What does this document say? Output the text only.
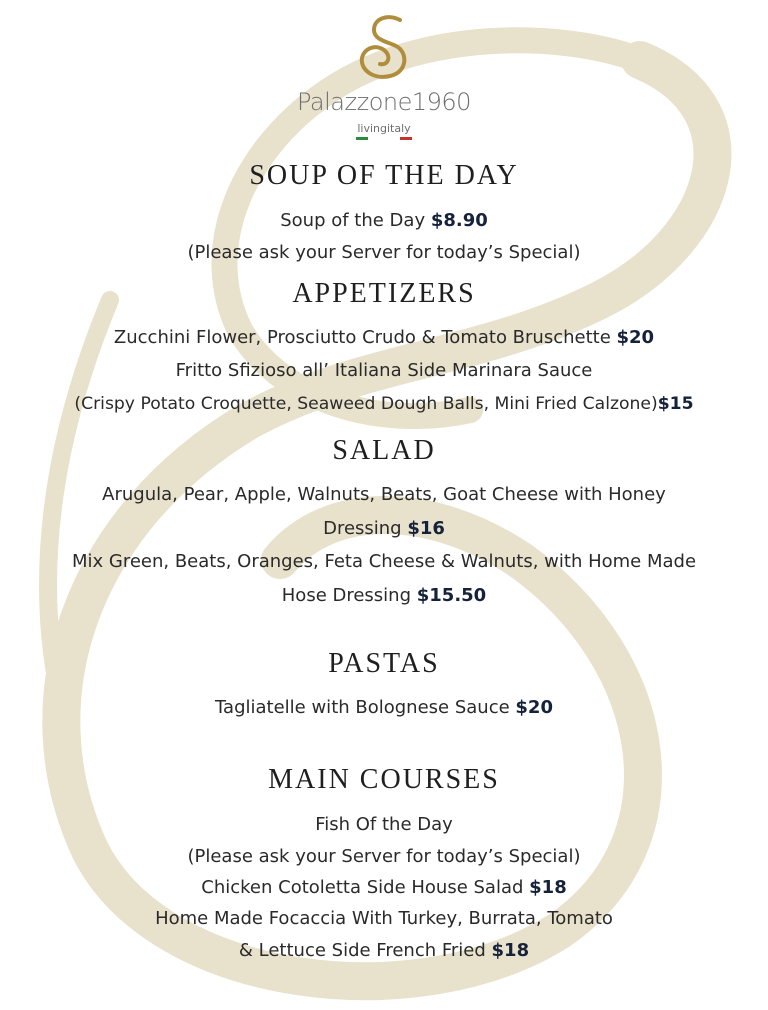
Palazzone1960
livingitaly
SOUP OF THE DAY
Soup of the Day $8.90
(Please ask your Server for today’s Special)
APPETIZERS
Zucchini Flower, Prosciutto Crudo & Tomato Bruschette $20
Fritto Sfizioso all’ Italiana Side Marinara Sauce
(Crispy Potato Croquette, Seaweed Dough Balls, Mini Fried Calzone)$15
SALAD
Arugula, Pear, Apple, Walnuts, Beats, Goat Cheese with Honey
Dressing $16
Mix Green, Beats, Oranges, Feta Cheese & Walnuts, with Home Made
Hose Dressing $15.50
PASTAS
Tagliatelle with Bolognese Sauce $20
MAIN COURSES
Fish Of the Day
(Please ask your Server for today’s Special)
Chicken Cotoletta Side House Salad $18
Home Made Focaccia With Turkey, Burrata, Tomato
& Lettuce Side French Fried $18
